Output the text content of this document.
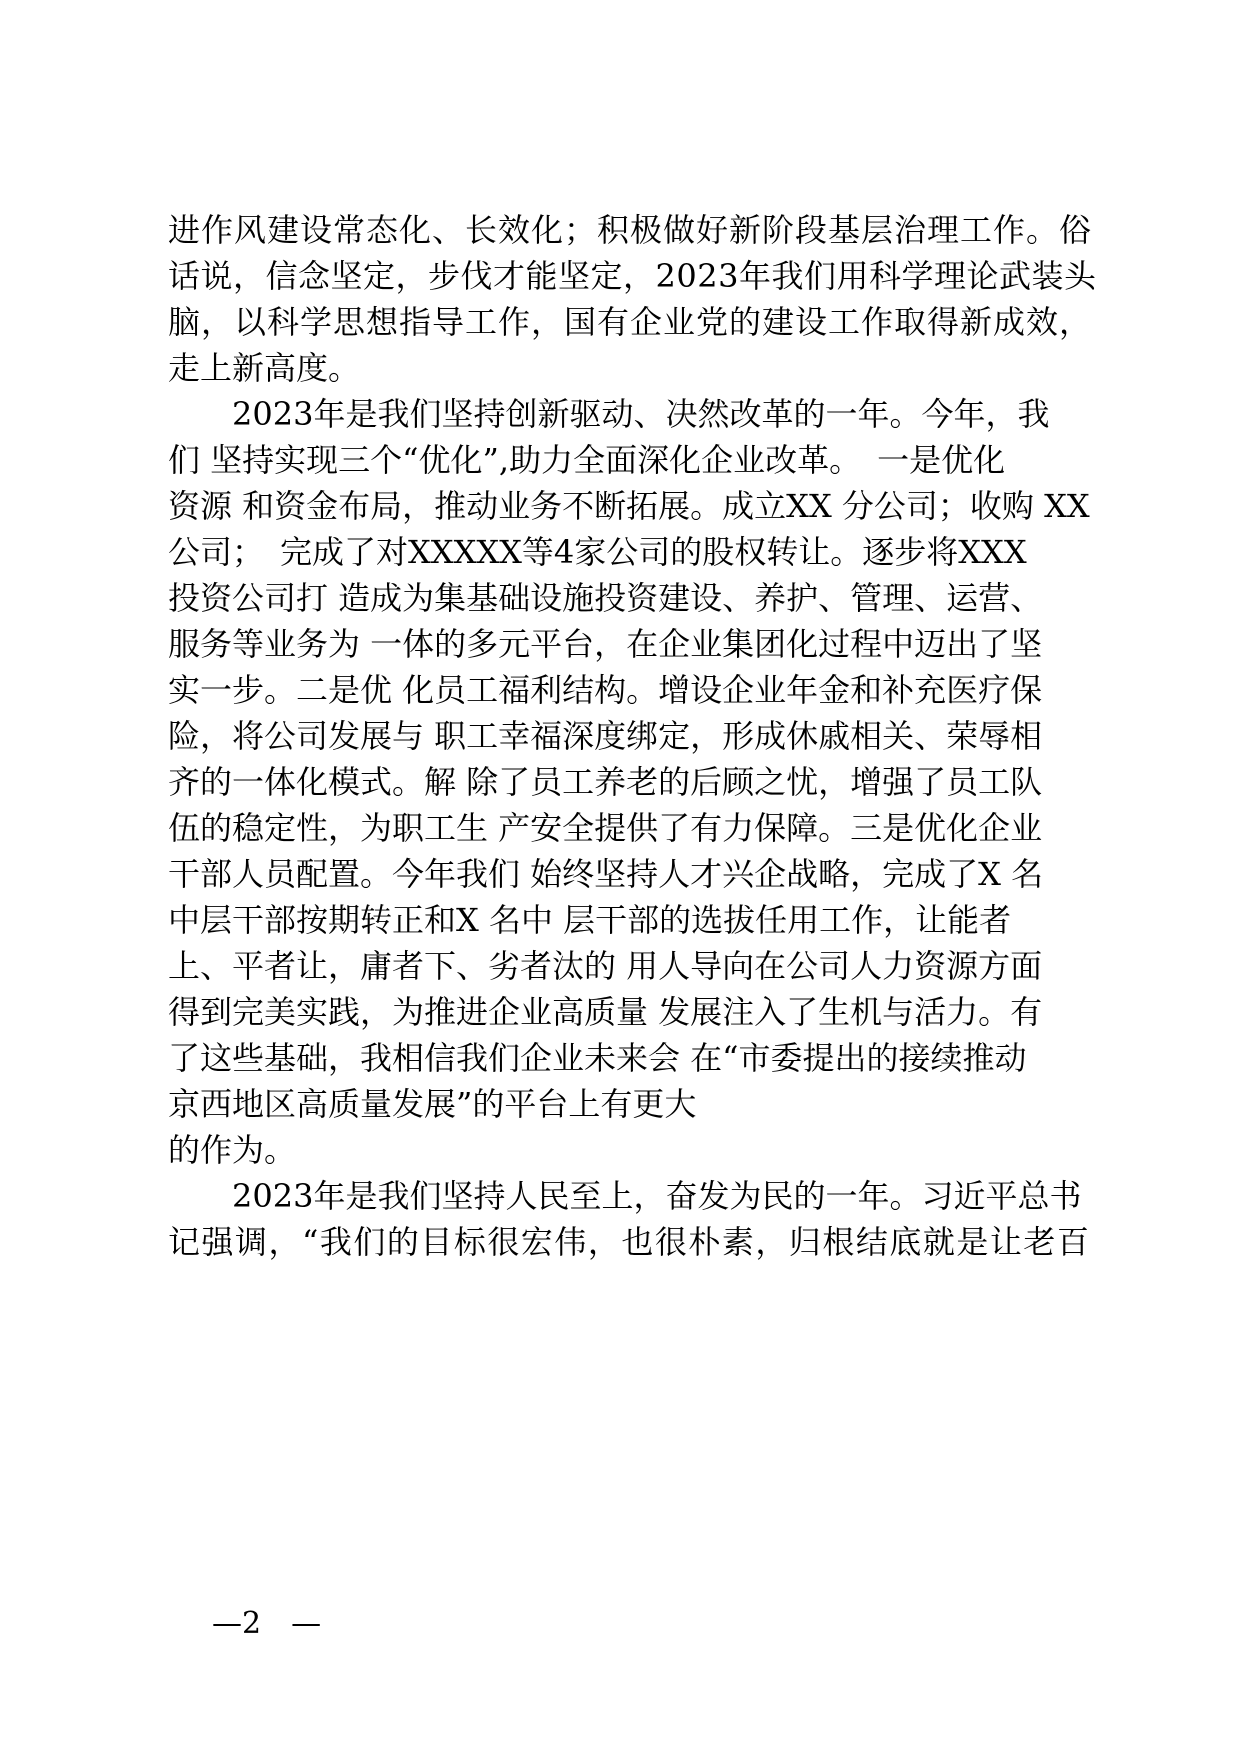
进作风建设常态化、长效化；积极做好新阶段基层治理工作。俗
话说，信念坚定，步伐才能坚定，2023年我们用科学理论武装头
脑，以科学思想指导工作，国有企业党的建设工作取得新成效，
走上新高度。
　　2023年是我们坚持创新驱动、决然改革的一年。今年，我
们 坚持实现三个“优化”,助力全面深化企业改革。　一是优化
资源 和资金布局，推动业务不断拓展。成立XX 分公司；收购 XX
公司；　完成了对XXXXX等4家公司的股权转让。逐步将XXX
投资公司打 造成为集基础设施投资建设、养护、管理、运营、
服务等业务为 一体的多元平台，在企业集团化过程中迈出了坚
实一步。二是优 化员工福利结构。增设企业年金和补充医疗保
险，将公司发展与 职工幸福深度绑定，形成休戚相关、荣辱相
齐的一体化模式。解 除了员工养老的后顾之忧，增强了员工队
伍的稳定性，为职工生 产安全提供了有力保障。三是优化企业
干部人员配置。今年我们 始终坚持人才兴企战略，完成了X 名
中层干部按期转正和X 名中 层干部的选拔任用工作，让能者
上、平者让，庸者下、劣者汰的 用人导向在公司人力资源方面
得到完美实践，为推进企业高质量 发展注入了生机与活力。有
了这些基础，我相信我们企业未来会 在“市委提出的接续推动
京西地区高质量发展”的平台上有更大
的作为。
　　2023年是我们坚持人民至上，奋发为民的一年。习近平总书
记强调，“我们的目标很宏伟，也很朴素，归根结底就是让老百
—2　—
